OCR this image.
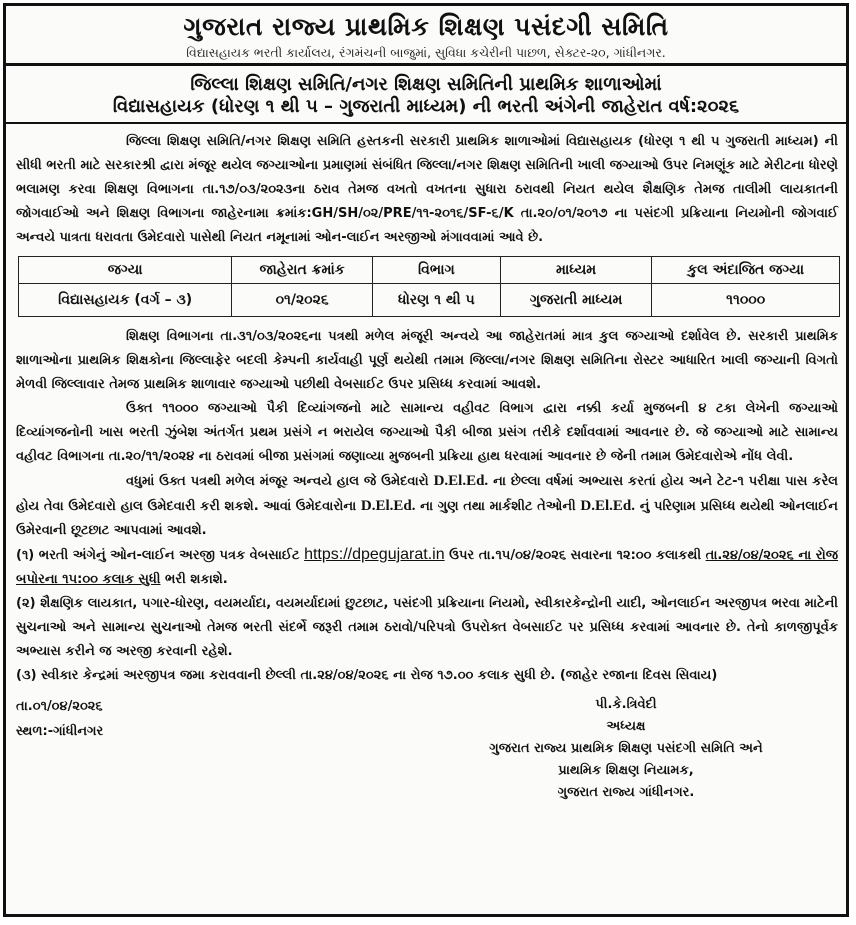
ગુજરાત રાજ્ય પ્રાથમિક શિક્ષણ પસંદગી સમિતિ
વિદ્યાસહાયક ભરતી કાર્યાલય, રંગમંચની બાજુમાં, સુવિધા કચેરીની પાછળ, સેક્ટર-૨૦, ગાંધીનગર.
જિલ્લા શિક્ષણ સમિતિ/નગર શિક્ષણ સમિતિની પ્રાથમિક શાળાઓમાં
વિદ્યાસહાયક (ધોરણ ૧ થી ૫ – ગુજરાતી માધ્યમ) ની ભરતી અંગેની જાહેરાત વર્ષ:૨૦૨૬

જિલ્લા શિક્ષણ સમિતિ/નગર શિક્ષણ સમિતિ હસ્તકની સરકારી પ્રાથમિક શાળાઓમાં વિદ્યાસહાયક (ધોરણ ૧ થી ૫ ગુજરાતી માધ્યમ) ની સીધી ભરતી માટે સરકારશ્રી દ્વારા મંજૂર થયેલ જગ્યાઓના પ્રમાણમાં સંબંધિત જિલ્લા/નગર શિક્ષણ સમિતિની ખાલી જગ્યાઓ ઉપર નિમણૂંક માટે મેરીટના ધોરણે ભલામણ કરવા શિક્ષણ વિભાગના તા.૧૭/૦૩/૨૦૨૩ના ઠરાવ તેમજ વખતો વખતના સુધારા ઠરાવથી નિયત થયેલ શૈક્ષણિક તેમજ તાલીમી લાયકાતની જોગવાઈઓ અને શિક્ષણ વિભાગના જાહેરનામા ક્રમાંક:GH/SH/૦૨/PRE/૧૧-૨૦૧૬/SF-૬/K તા.૨૦/૦૧/૨૦૧૭ ના પસંદગી પ્રક્રિયાના નિયમોની જોગવાઈ અન્વયે પાત્રતા ધરાવતા ઉમેદવારો પાસેથી નિયત નમૂનામાં ઓન-લાઈન અરજીઓ મંગાવવામાં આવે છે.

જગ્યા	જાહેરાત ક્રમાંક	વિભાગ	માધ્યમ	કુલ અંદાજિત જગ્યા
વિદ્યાસહાયક (વર્ગ – ૩)	૦૧/૨૦૨૬	ધોરણ ૧ થી ૫	ગુજરાતી માધ્યમ	૧૧૦૦૦

શિક્ષણ વિભાગના તા.૩૧/૦૩/૨૦૨૬ના પત્રથી મળેલ મંજૂરી અન્વયે આ જાહેરાતમાં માત્ર કુલ જગ્યાઓ દર્શાવેલ છે. સરકારી પ્રાથમિક શાળાઓના પ્રાથમિક શિક્ષકોના જિલ્લાફેર બદલી કેમ્પની કાર્યવાહી પૂર્ણ થયેથી તમામ જિલ્લા/નગર શિક્ષણ સમિતિના રોસ્ટર આધારિત ખાલી જગ્યાની વિગતો મેળવી જિલ્લાવાર તેમજ પ્રાથમિક શાળાવાર જગ્યાઓ પછીથી વેબસાઈટ ઉપર પ્રસિધ્ધ કરવામાં આવશે.

ઉક્ત ૧૧૦૦૦ જગ્યાઓ પૈકી દિવ્યાંગજનો માટે સામાન્ય વહીવટ વિભાગ દ્વારા નક્કી કર્યા મુજબની ૪ ટકા લેખેની જગ્યાઓ દિવ્યાંગજનોની ખાસ ભરતી ઝુંબેશ અંતર્ગત પ્રથમ પ્રસંગે ન ભરાયેલ જગ્યાઓ પૈકી બીજા પ્રસંગ તરીકે દર્શાવવામાં આવનાર છે. જે જગ્યાઓ માટે સામાન્ય વહીવટ વિભાગના તા.૨૦/૧૧/૨૦૨૪ ના ઠરાવમાં બીજા પ્રસંગમાં જણાવ્યા મુજબની પ્રક્રિયા હાથ ધરવામાં આવનાર છે જેની તમામ ઉમેદવારોએ નોંધ લેવી.

વધુમાં ઉક્ત પત્રથી મળેલ મંજૂર અન્વયે હાલ જે ઉમેદવારો D.El.Ed. ના છેલ્લા વર્ષમાં અભ્યાસ કરતાં હોય અને ટેટ-૧ પરીક્ષા પાસ કરેલ હોય તેવા ઉમેદવારો હાલ ઉમેદવારી કરી શકશે. આવાં ઉમેદવારોના D.El.Ed. ના ગુણ તથા માર્કશીટ તેઓની D.El.Ed. નું પરિણામ પ્રસિધ્ધ થયેથી ઓનલાઈન ઉમેરવાની છૂટછાટ આપવામાં આવશે.

(૧) ભરતી અંગેનું ઓન-લાઈન અરજી પત્રક વેબસાઈટ https://dpegujarat.in ઉપર તા.૧૫/૦૪/૨૦૨૬ સવારના ૧૨:૦૦ કલાકથી તા.૨૪/૦૪/૨૦૨૬ ના રોજ બપોરના ૧૫:૦૦ કલાક સુધી ભરી શકાશે.

(૨) શૈક્ષણિક લાયકાત, પગાર-ધોરણ, વયમર્યાદા, વયમર્યાદામાં છુટછાટ, પસંદગી પ્રક્રિયાના નિયમો, સ્વીકારકેન્દ્રોની યાદી, ઓનલાઈન અરજીપત્ર ભરવા માટેની સુચનાઓ અને સામાન્ય સુચનાઓ તેમજ ભરતી સંદર્ભે જરૂરી તમામ ઠરાવો/પરિપત્રો ઉપરોક્ત વેબસાઈટ પર પ્રસિધ્ધ કરવામાં આવનાર છે. તેનો કાળજીપૂર્વક અભ્યાસ કરીને જ અરજી કરવાની રહેશે.

(૩) સ્વીકાર કેન્દ્રમાં અરજીપત્ર જમા કરાવવાની છેલ્લી તા.૨૪/૦૪/૨૦૨૬ ના રોજ ૧૭.૦૦ કલાક સુધી છે. (જાહેર રજાના દિવસ સિવાય)

તા.૦૧/૦૪/૨૦૨૬
સ્થળ:-ગાંધીનગર
પી.કે.ત્રિવેદી
અધ્યક્ષ
ગુજરાત રાજ્ય પ્રાથમિક શિક્ષણ પસંદગી સમિતિ અને
પ્રાથમિક શિક્ષણ નિયામક,
ગુજરાત રાજ્ય ગાંધીનગર.
